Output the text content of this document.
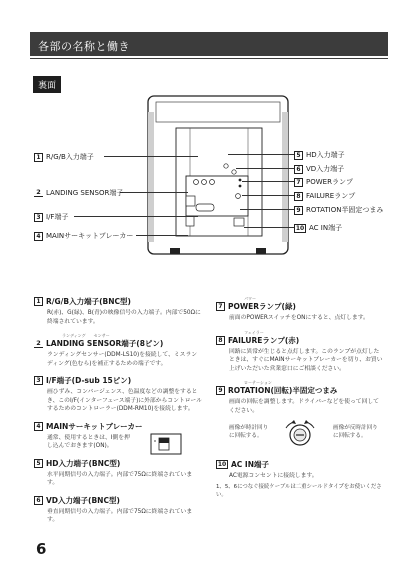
各部の名称と働き
裏面
1 R/G/B入力端子
2 LANDING SENSOR端子
3 I/F端子
4 MAINサーキットブレーカー
5 HD入力端子
6 VD入力端子
7 POWERランプ
8 FAILUREランプ
9 ROTATION半固定つまみ
10 AC IN端子
1 R/G/B入力端子(BNC型)
R(赤)、G(緑)、B(青)の映像信号の入力端子。内部で50Ωに終端されています。
ランディング　　センサー
2 LANDING SENSOR端子(8ピン)
ランディングセンサー(DDM-LS10)を接続して、ミスランディング(色むら)を補正するための端子です。
3 I/F端子(D-sub 15ピン)
画ひずみ、コンバージェンス、色温度などの調整をするとき、このI/F(インターフェース端子)に外部からコントロールするためのコントローラー(DDM-RM10)を接続します。
4 MAINサーキットブレーカー
通常、使用するときは、I側を押し込んでおきます(ON)。
5 HD入力端子(BNC型)
水平同期信号の入力端子。内部で75Ωに終端されています。
6 VD入力端子(BNC型)
垂直同期信号の入力端子。内部で75Ωに終端されています。
パワー
7 POWERランプ(緑)
前面のPOWERスイッチをONにすると、点灯します。
フェイラー
8 FAILUREランプ(赤)
回路に異常が生じると点灯します。このランプが点灯したときは、すぐにMAINサーキットブレーカーを切り、お買い上げいただいた営業窓口にご相談ください。
ローテーション
9 ROTATION(回転)半固定つまみ
画面の回転を調整します。ドライバーなどを使って回してください。
画像が時計回りに回転する。
画像が反時計回りに回転する。
10 AC IN端子
AC電源コンセントに接続します。
1、5、6につなぐ接続ケーブルは二重シールドタイプをお使いください。
6
